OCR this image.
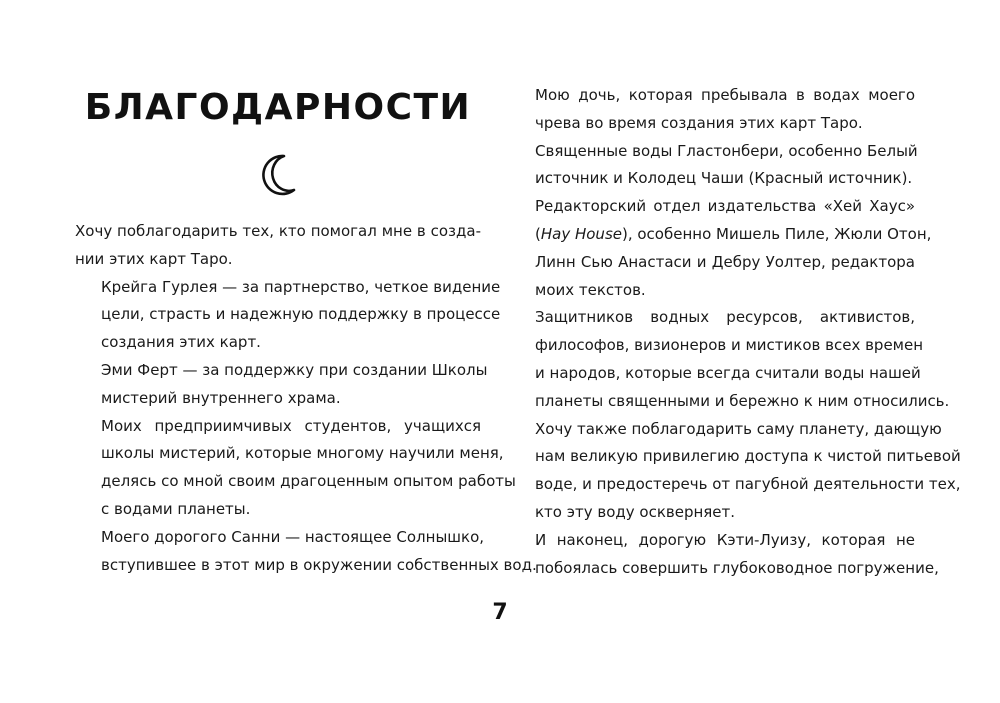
БЛАГОДАРНОСТИ

Хочу поблагодарить тех, кто помогал мне в созда-
нии этих карт Таро.

Крейга Гурлея — за партнерство, четкое видение
цели, страсть и надежную поддержку в процессе
создания этих карт.

Эми Ферт — за поддержку при создании Школы
мистерий внутреннего храма.

Моих предприимчивых студентов, учащихся
школы мистерий, которые многому научили меня,
делясь со мной своим драгоценным опытом работы
с водами планеты.

Моего дорогого Санни — настоящее Солнышко,
вступившее в этот мир в окружении собственных вод.

Мою дочь, которая пребывала в водах моего
чрева во время создания этих карт Таро.

Священные воды Гластонбери, особенно Белый
источник и Колодец Чаши (Красный источник).

Редакторский отдел издательства «Хей Хаус»
(Hay House), особенно Мишель Пиле, Жюли Отон,
Линн Сью Анастаси и Дебру Уолтер, редактора
моих текстов.

Защитников водных ресурсов, активистов,
философов, визионеров и мистиков всех времен
и народов, которые всегда считали воды нашей
планеты священными и бережно к ним относились.
Хочу также поблагодарить саму планету, дающую
нам великую привилегию доступа к чистой питьевой
воде, и предостеречь от пагубной деятельности тех,
кто эту воду оскверняет.

И наконец, дорогую Кэти-Луизу, которая не
побоялась совершить глубоководное погружение,

7
